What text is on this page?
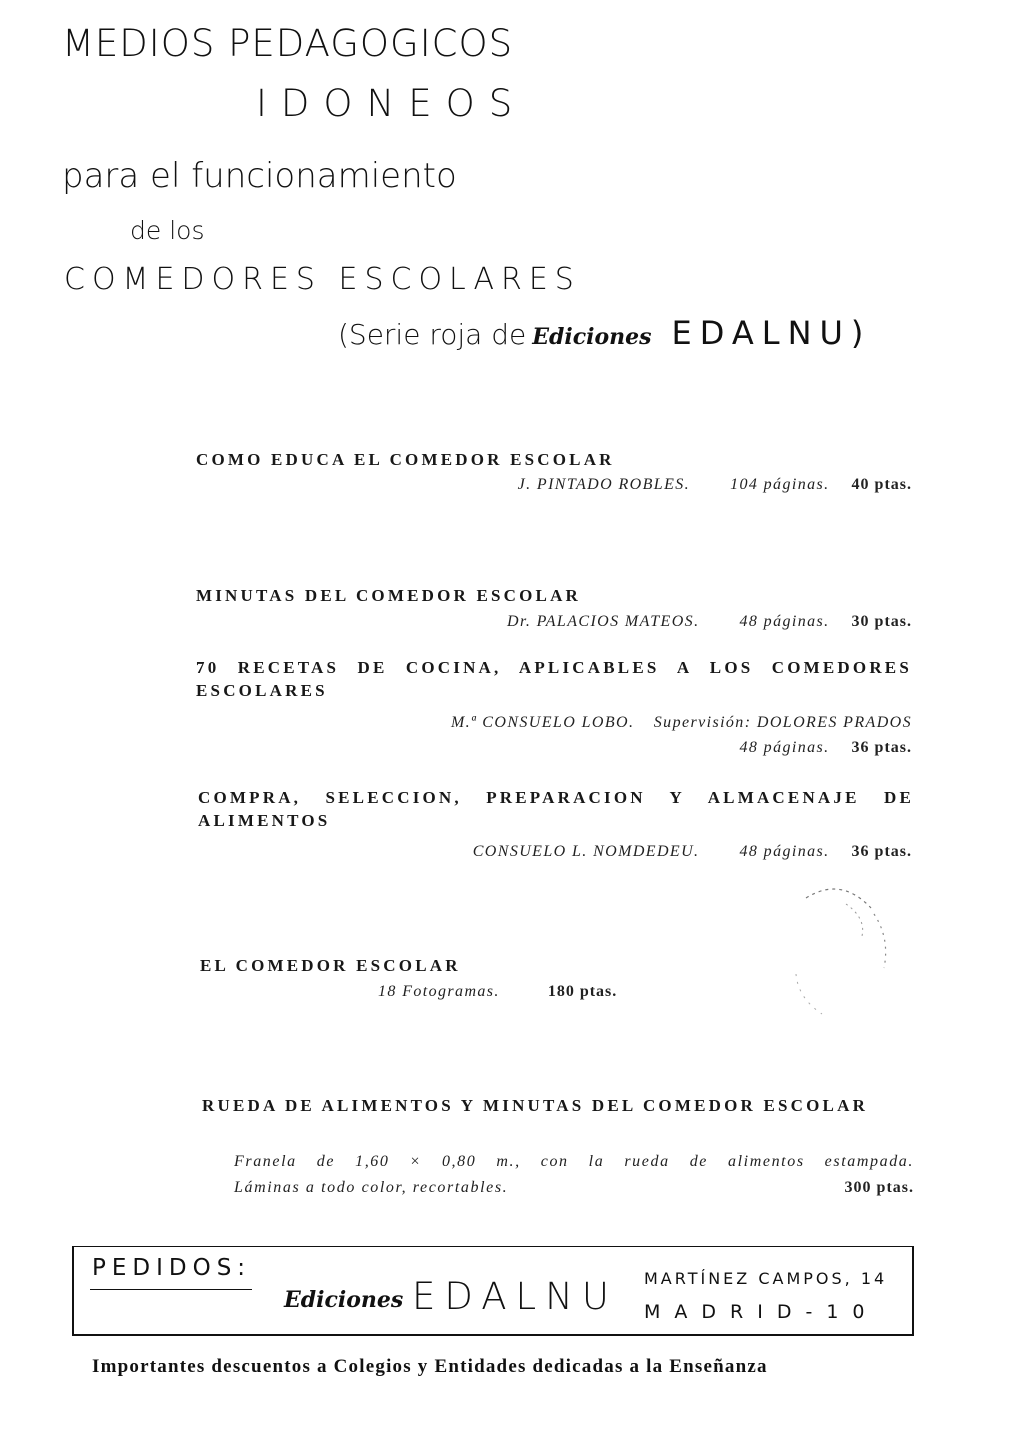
MEDIOS PEDAGOGICOS
IDONEOS
para el funcionamiento
de los
COMEDORES ESCOLARES
(Serie roja de Ediciones EDALNU)
COMO EDUCA EL COMEDOR ESCOLAR
J. PINTADO ROBLES.	104 páginas. 40 ptas.
MINUTAS DEL COMEDOR ESCOLAR
Dr. PALACIOS MATEOS.	48 páginas. 30 ptas.
70 RECETAS DE COCINA, APLICABLES A LOS COMEDORES ESCOLARES
M.ª CONSUELO LOBO. Supervisión: DOLORES PRADOS
48 páginas. 36 ptas.
COMPRA, SELECCION, PREPARACION Y ALMACENAJE DE ALIMENTOS
CONSUELO L. NOMDEDEU.	48 páginas. 36 ptas.
EL COMEDOR ESCOLAR
18 Fotogramas.	180 ptas.
RUEDA DE ALIMENTOS Y MINUTAS DEL COMEDOR ESCOLAR
Franela de 1,60 × 0,80 m., con la rueda de alimentos estampada.
Láminas a todo color, recortables.	300 ptas.
PEDIDOS:
Ediciones EDALNU MARTÍNEZ CAMPOS, 14
MADRID-10
Importantes descuentos a Colegios y Entidades dedicadas a la Enseñanza
